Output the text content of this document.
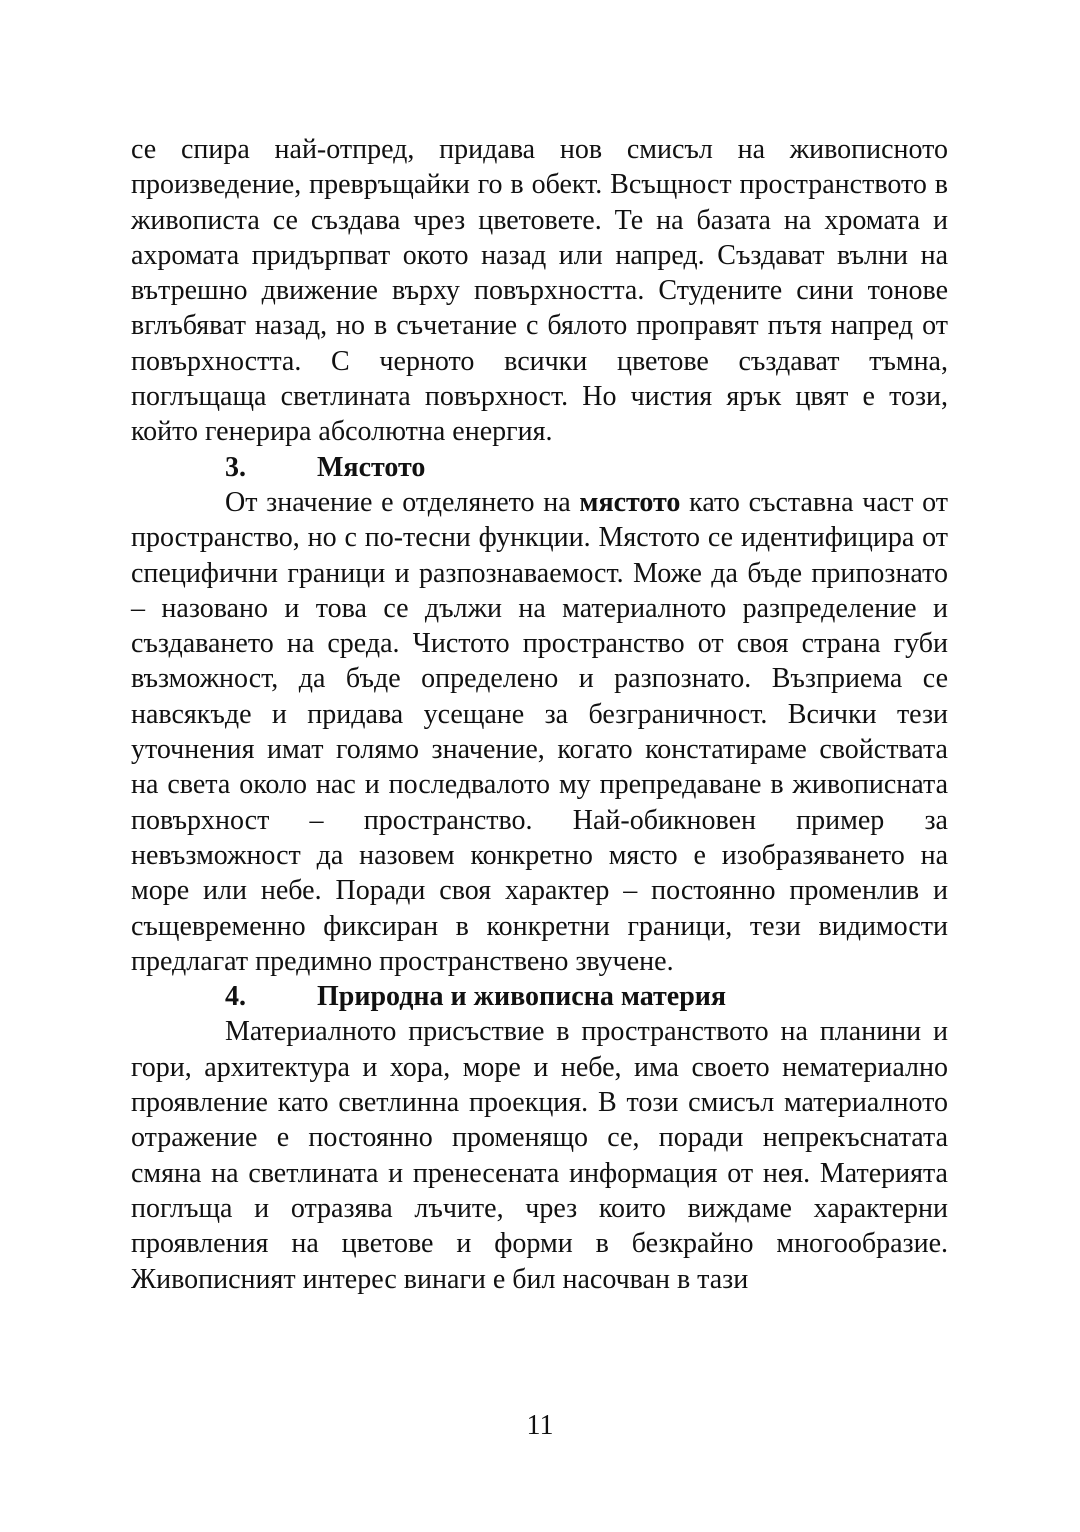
се спира най-отпред, придава нов смисъл на живописното произведение, превръщайки го в обект. Всъщност пространството в живописта се създава чрез цветовете. Те на базата на хромата и ахромата придърпват окото назад или напред. Създават вълни на вътрешно движение върху повърхността. Студените сини тонове вглъбяват назад, но в съчетание с бялото проправят пътя напред от повърхността. С черното всички цветове създават тъмна, поглъщаща светлината повърхност. Но чистия ярък цвят е този, който генерира абсолютна енергия.

3.	Мястото

От значение е отделянето на мястото като съставна част от пространство, но с по-тесни функции. Мястото се идентифицира от специфични граници и разпознаваемост. Може да бъде припознато – назовано и това се дължи на материалното разпределение и създаването на среда. Чистото пространство от своя страна губи възможност, да бъде определено и разпознато. Възприема се навсякъде и придава усещане за безграничност. Всички тези уточнения имат голямо значение, когато констатираме свойствата на света около нас и последвалото му препредаване в живописната повърхност – пространство. Най-обикновен пример за невъзможност да назовем конкретно място е изобразяването на море или небе. Поради своя характер – постоянно променлив и същевременно фиксиран в конкретни граници, тези видимости предлагат предимно пространствено звучене.

4.	Природна и живописна материя

Материалното присъствие в пространството на планини и гори, архитектура и хора, море и небе, има своето нематериално проявление като светлинна проекция. В този смисъл материалното отражение е постоянно променящо се, поради непрекъснатата смяна на светлината и пренесената информация от нея. Материята поглъща и отразява лъчите, чрез които виждаме характерни проявления на цветове и форми в безкрайно многообразие. Живописният интерес винаги е бил насочван в тази

11
